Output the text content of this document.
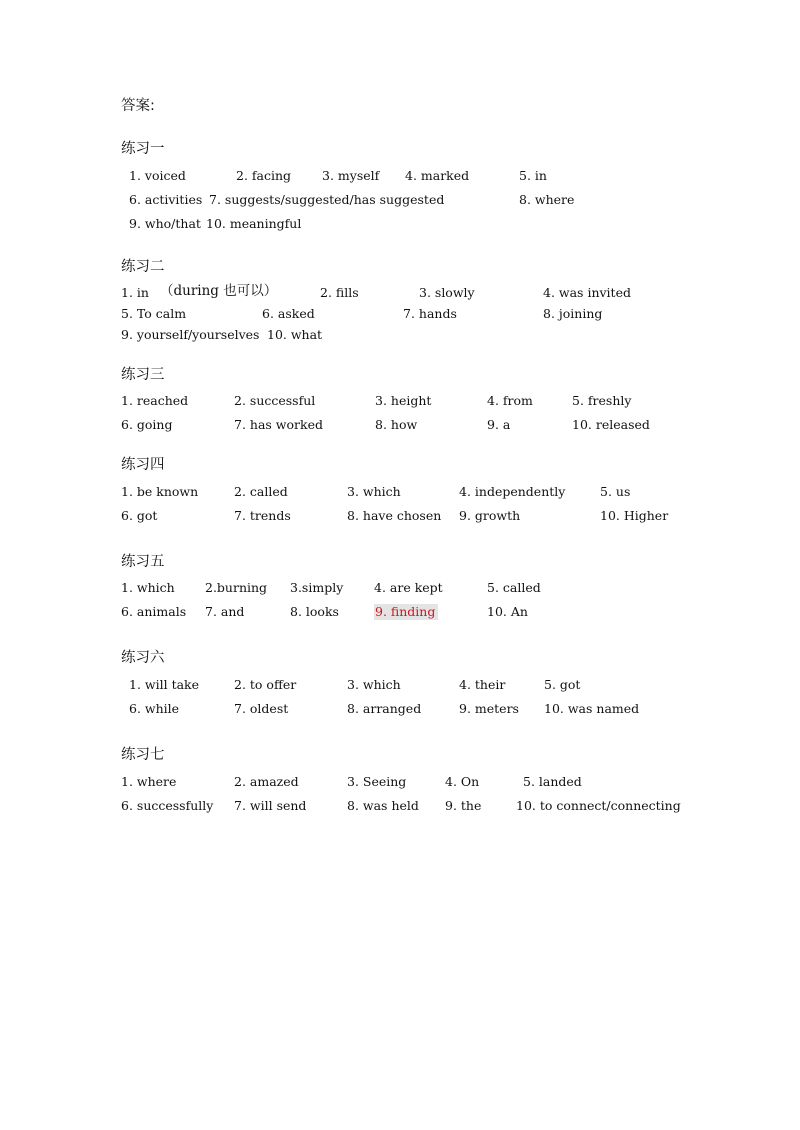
答案:
练习一
1. voiced	2. facing 3. myself 4. marked	5. in
6. activities 7. suggests/suggested/has suggested	8. where
9. who/that 10. meaningful
练习二
1. in （during 也可以）	2. fills	3. slowly	4. was invited
5. To calm	6. asked	7. hands	8. joining
9. yourself/yourselves 10. what
练习三
1. reached	2. successful	3. height	4. from	5. freshly
6. going	7. has worked	8. how	9. a	10. released
练习四
1. be known	2. called	3. which	4. independently	5. us
6. got	7. trends	8. have chosen 9. growth	10. Higher
练习五
1. which 2.burning 3.simply 4. are kept	5. called
6. animals 7. and	8. looks	9. finding	10. An
练习六
1. will take	2. to offer	3. which	4. their	5. got
6. while	7. oldest	8. arranged	9. meters 10. was named
练习七
1. where	2. amazed	3. Seeing	4. On	5. landed
6. successfully 7. will send	8. was held 9. the	10. to connect/connecting
